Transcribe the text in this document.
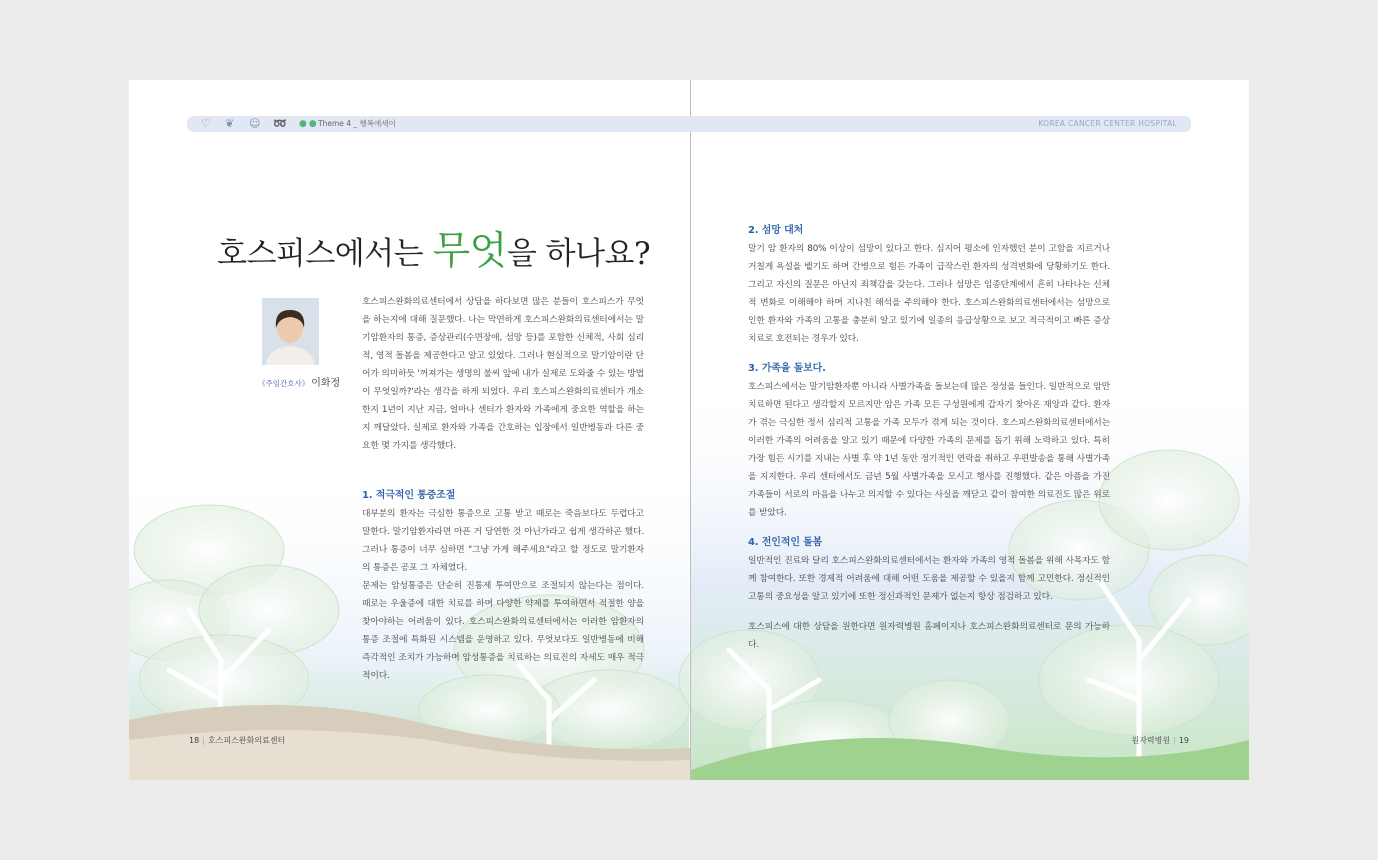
♡ ❦ ☺ ➿ ●● Theme 4 _ 행복에세이	KOREA CANCER CENTER HOSPITAL
호스피스에서는 무엇을 하나요?
《주임간호사》 이화정

호스피스완화의료센터에서 상담을 하다보면 많은 분들이 호스피스가 무엇을 하는지에 대해 질문했다. 나는 막연하게 호스피스완화의료센터에서는 말기암환자의 통증, 증상관리(수면장애, 섬망 등)를 포함한 신체적, 사회 심리적, 영적 돌봄을 제공한다고 알고 있었다. 그러나 현실적으로 말기암이란 단어가 의미하듯 '꺼져가는 생명의 불씨 앞에 내가 실제로 도와줄 수 있는 방법이 무엇일까?'라는 생각을 하게 되었다. 우리 호스피스완화의료센터가 개소한지 1년이 지난 지금, 얼마나 센터가 환자와 가족에게 중요한 역할을 하는지 깨달았다. 실제로 환자와 가족을 간호하는 입장에서 일반병동과 다른 중요한 몇 가지를 생각했다.

1. 적극적인 통증조절

대부분의 환자는 극심한 통증으로 고통 받고 때로는 죽음보다도 두렵다고 말한다. 말기암환자라면 아픈 거 당연한 것 아닌가라고 쉽게 생각하곤 했다. 그러나 통증이 너무 심하면 "그냥 가게 해주세요"라고 할 정도로 말기환자의 통증은 공포 그 자체였다.

문제는 암성통증은 단순히 진통제 투여만으로 조절되지 않는다는 점이다. 때로는 우울증에 대한 치료를 하며 다양한 약제를 투여하면서 적절한 양을 찾아야하는 어려움이 있다. 호스피스완화의료센터에서는 이러한 암환자의 통증 조절에 특화된 시스템을 운영하고 있다. 무엇보다도 일반병동에 비해 즉각적인 조치가 가능하며 암성통증을 치료하는 의료진의 자세도 매우 적극적이다.

2. 섬망 대처

말기 암 환자의 80% 이상이 섬망이 있다고 한다. 심지어 평소에 인자했던 분이 고함을 지르거나 거칠게 욕설을 뱉기도 하며 간병으로 힘든 가족이 급작스런 환자의 성격변화에 당황하기도 한다. 그리고 자신의 질문은 아닌지 죄책감을 갖는다. 그러나 섬망은 임종단계에서 흔히 나타나는 신체적 변화로 이해해야 하며 지나친 해석을 주의해야 한다. 호스피스완화의료센터에서는 섬망으로 인한 환자와 가족의 고통을 충분히 알고 있기에 일종의 응급상황으로 보고 적극적이고 빠른 증상 치료로 호전되는 경우가 있다.

3. 가족을 돌보다.

호스피스에서는 말기암환자뿐 아니라 사별가족을 돌보는데 많은 정성을 들인다. 일반적으로 암만 치료하면 된다고 생각할지 모르지만 암은 가족 모든 구성원에게 갑자기 찾아온 재앙과 같다. 환자가 겪는 극심한 정서 심리적 고통을 가족 모두가 겪게 되는 것이다. 호스피스완화의료센터에서는 이러한 가족의 어려움을 알고 있기 때문에 다양한 가족의 문제를 돕기 위해 노력하고 있다. 특히 가장 힘든 시기를 지내는 사별 후 약 1년 동안 정기적인 연락을 취하고 우편발송을 통해 사별가족을 지지한다. 우리 센터에서도 금년 5월 사별가족을 모시고 행사를 진행했다. 같은 아픔을 가진 가족들이 서로의 마음을 나누고 의지할 수 있다는 사실을 깨닫고 같이 참여한 의료진도 많은 위로를 받았다.

4. 전인적인 돌봄

일반적인 진료와 달리 호스피스완화의료센터에서는 환자와 가족의 영적 돌봄을 위해 사목자도 함께 참여한다. 또한 경제적 어려움에 대해 어떤 도움을 제공할 수 있을지 함께 고민한다. 정신적인 고통의 중요성을 알고 있기에 또한 정신과적인 문제가 없는지 항상 점검하고 있다.

호스피스에 대한 상담을 원한다면 원자력병원 홈페이지나 호스피스완화의료센터로 문의 가능하다.

18 | 호스피스완화의료센터	원자력병원 | 19
